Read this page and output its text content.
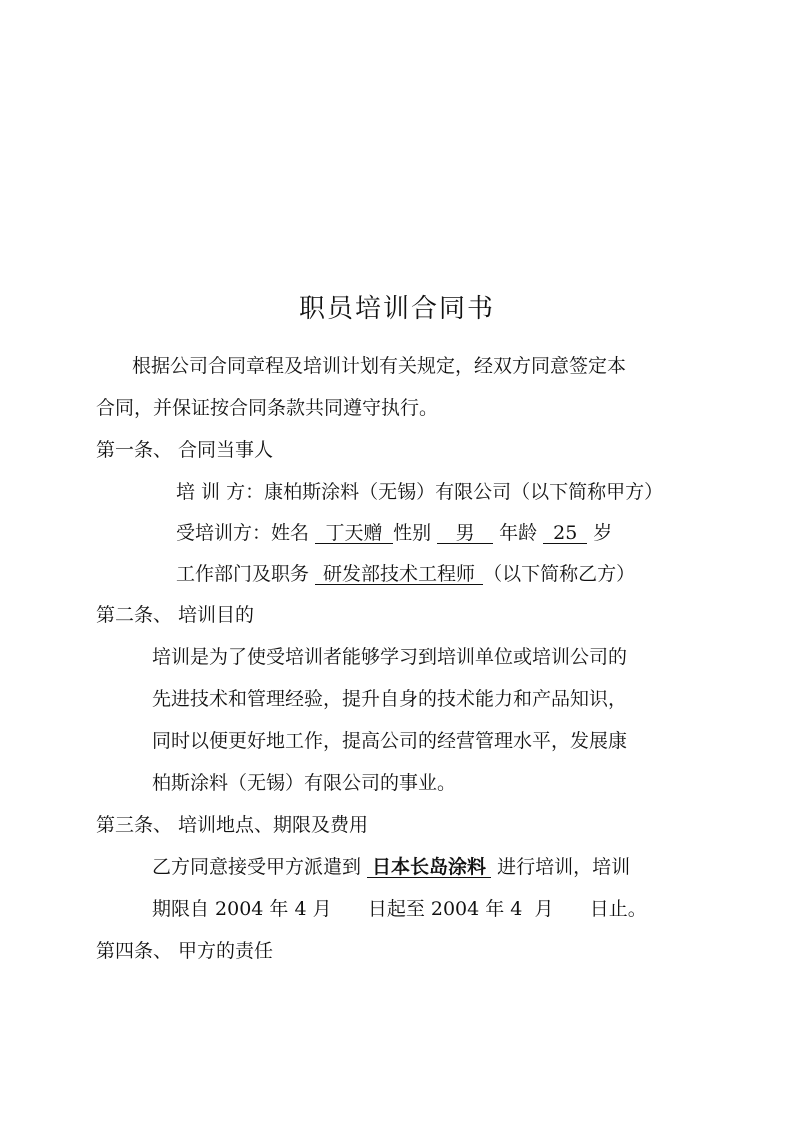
职员培训合同书
根据公司合同章程及培训计划有关规定，经双方同意签定本
合同，并保证按合同条款共同遵守执行。
第一条、 合同当事人
培 训 方：康柏斯涂料（无锡）有限公司（以下简称甲方）
受培训方：姓名 丁天赠 性别 男 年龄 25 岁
工作部门及职务 研发部技术工程师 （以下简称乙方）
第二条、 培训目的
培训是为了使受培训者能够学习到培训单位或培训公司的
先进技术和管理经验，提升自身的技术能力和产品知识，
同时以便更好地工作，提高公司的经营管理水平，发展康
柏斯涂料（无锡）有限公司的事业。
第三条、 培训地点、期限及费用
乙方同意接受甲方派遣到 日本长岛涂料 进行培训，培训
期限自 2004 年 4 月      日起至 2004 年 4  月      日止。
第四条、 甲方的责任
